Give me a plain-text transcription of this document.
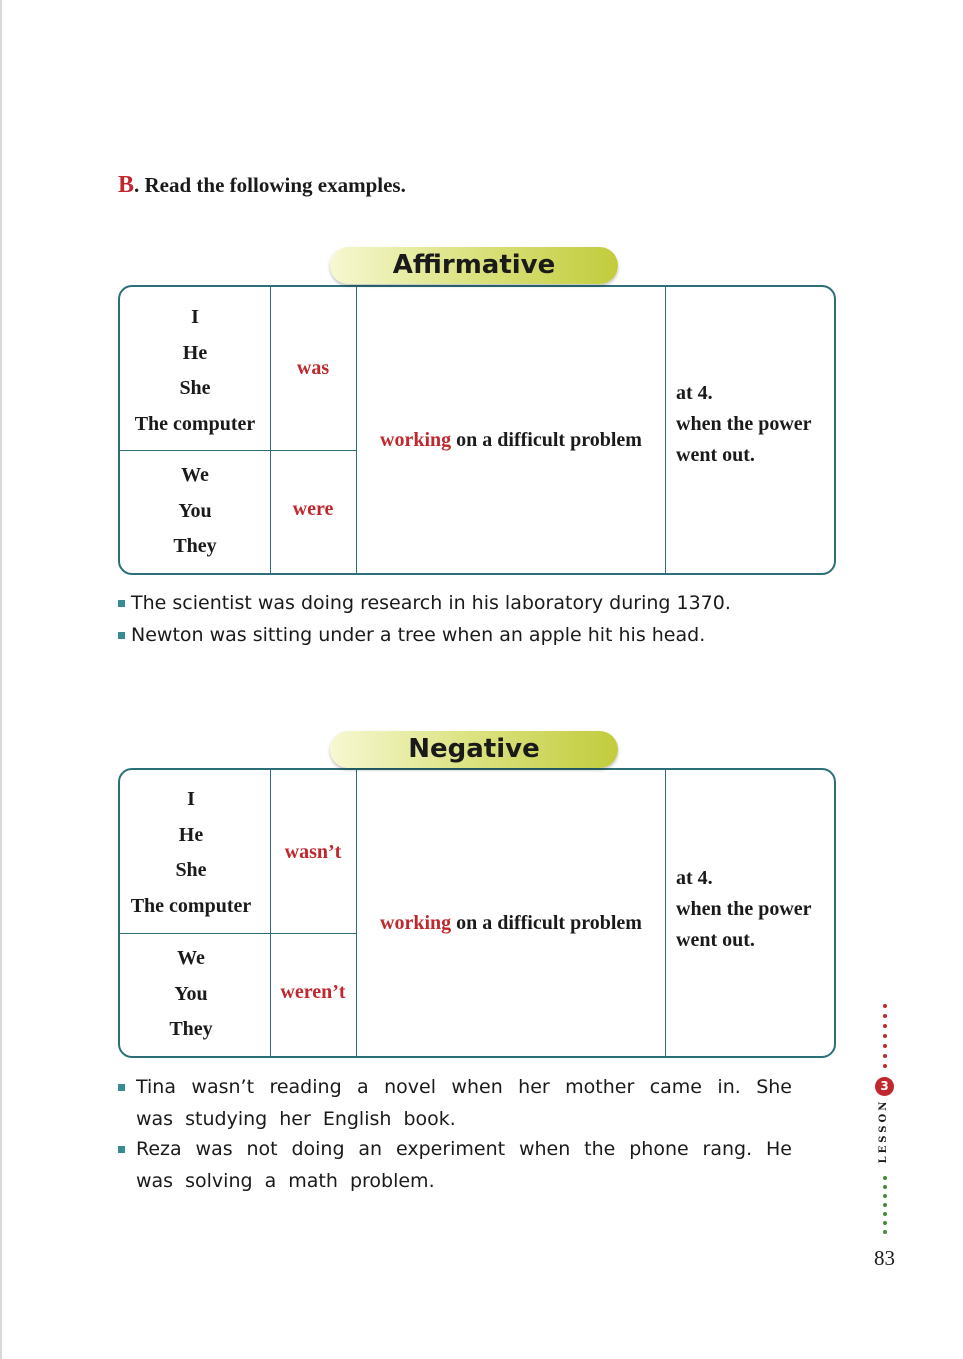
B. Read the following examples.
Affirmative
I
He
She
The computer
was
We
You
They
were
working on a difficult problem
at 4.
when the power
went out.
The scientist was doing research in his laboratory during 1370.
Newton was sitting under a tree when an apple hit his head.
Negative
I
He
She
The computer
wasn’t
We
You
They
weren’t
working on a difficult problem
at 4.
when the power
went out.
Tina wasn’t reading a novel when her mother came in. She was studying her English book.
Reza was not doing an experiment when the phone rang. He was solving a math problem.
3
LESSON
83
